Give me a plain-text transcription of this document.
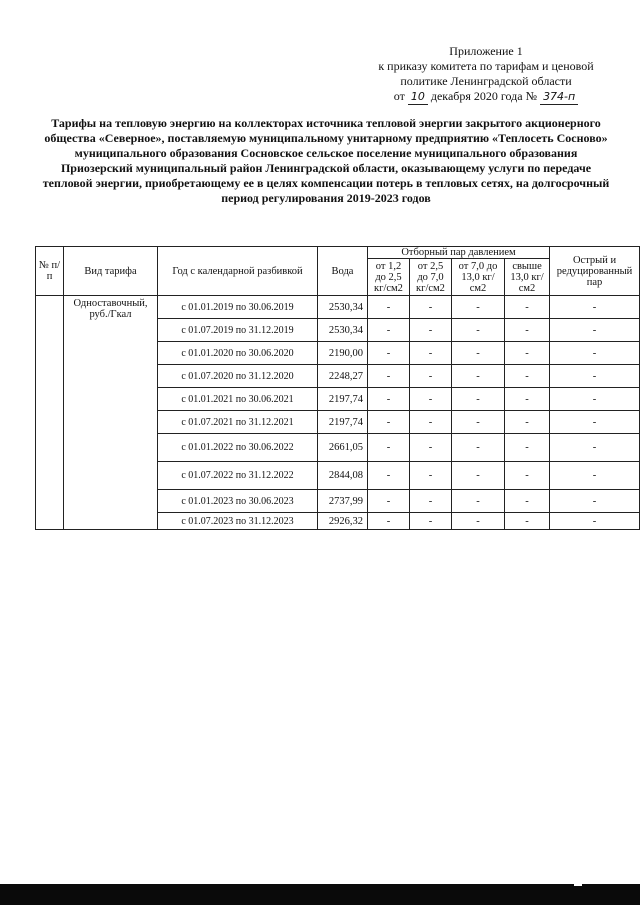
Приложение 1
к приказу комитета по тарифам и ценовой
политике Ленинградской области
от 10 декабря 2020 года № 374-п
Тарифы на тепловую энергию на коллекторах источника тепловой энергии закрытого акционерного общества «Северное», поставляемую муниципальному унитарному предприятию «Теплосеть Сосново» муниципального образования Сосновское сельское поселение муниципального образования Приозерский муниципальный район Ленинградской области, оказывающему услуги по передаче тепловой энергии, приобретающему ее в целях компенсации потерь в тепловых сетях, на долгосрочный период регулирования 2019-2023 годов
№ п/п	Вид тарифа	Год с календарной разбивкой	Вода	Отборный пар давлением				Острый и редуцированный пар
				от 1,2 до 2,5 кг/см2	от 2,5 до 7,0 кг/см2	от 7,0 до 13,0 кг/см2	свыше 13,0 кг/см2	
	Одноставочный, руб./Гкал	с 01.01.2019 по 30.06.2019	2530,34	-	-	-	-	-
		с 01.07.2019 по 31.12.2019	2530,34	-	-	-	-	-
		с 01.01.2020 по 30.06.2020	2190,00	-	-	-	-	-
		с 01.07.2020 по 31.12.2020	2248,27	-	-	-	-	-
		с 01.01.2021 по 30.06.2021	2197,74	-	-	-	-	-
		с 01.07.2021 по 31.12.2021	2197,74	-	-	-	-	-
		с 01.01.2022 по 30.06.2022	2661,05	-	-	-	-	-
		с 01.07.2022 по 31.12.2022	2844,08	-	-	-	-	-
		с 01.01.2023 по 30.06.2023	2737,99	-	-	-	-	-
		с 01.07.2023 по 31.12.2023	2926,32	-	-	-	-	-
